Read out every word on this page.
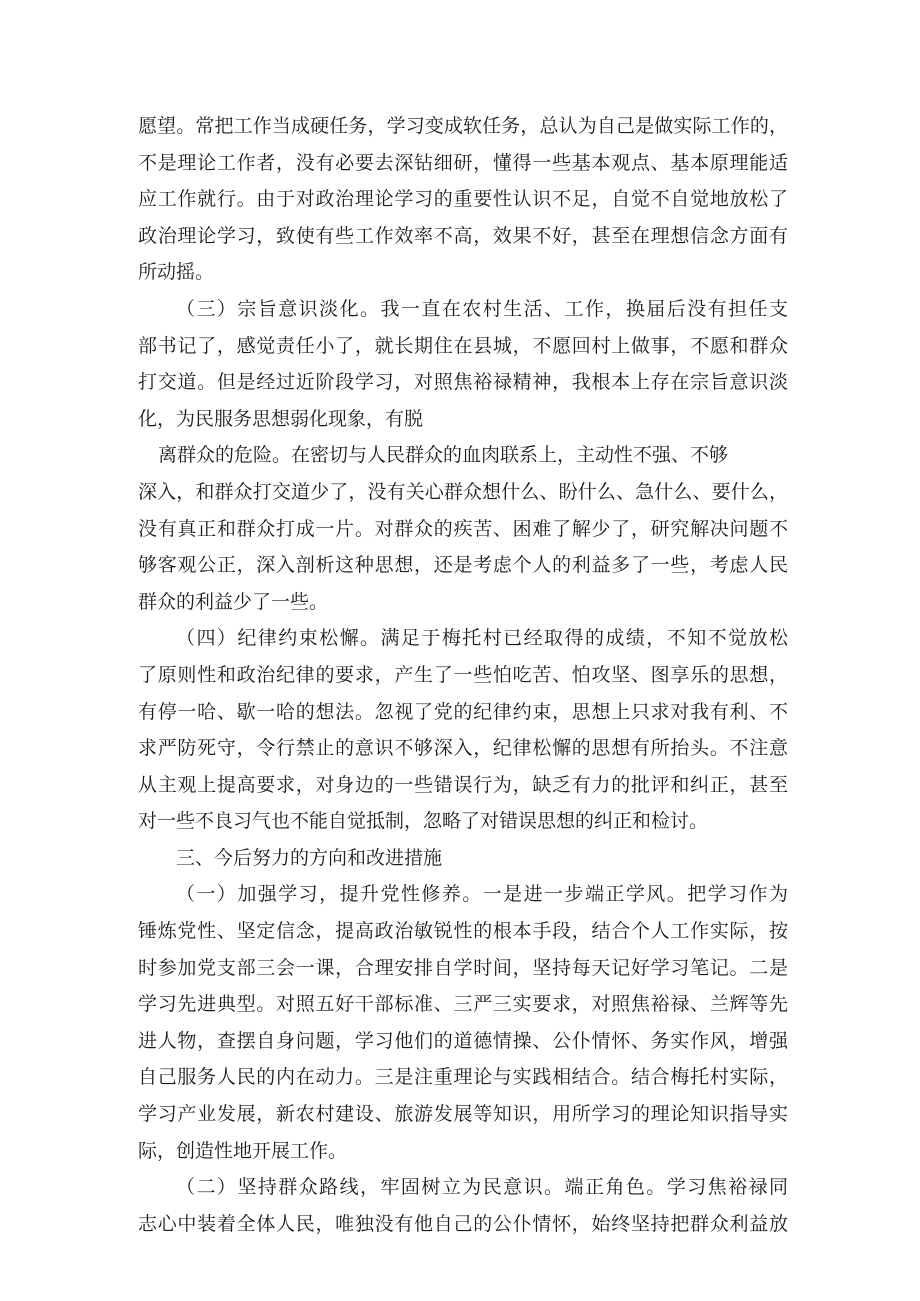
愿望。常把工作当成硬任务，学习变成软任务，总认为自己是做实际工作的，
不是理论工作者，没有必要去深钻细研，懂得一些基本观点、基本原理能适
应工作就行。由于对政治理论学习的重要性认识不足，自觉不自觉地放松了
政治理论学习，致使有些工作效率不高，效果不好，甚至在理想信念方面有
所动摇。
（三）宗旨意识淡化。我一直在农村生活、工作，换届后没有担任支
部书记了，感觉责任小了，就长期住在县城，不愿回村上做事，不愿和群众
打交道。但是经过近阶段学习，对照焦裕禄精神，我根本上存在宗旨意识淡
化，为民服务思想弱化现象，有脱
离群众的危险。在密切与人民群众的血肉联系上，主动性不强、不够
深入，和群众打交道少了，没有关心群众想什么、盼什么、急什么、要什么，
没有真正和群众打成一片。对群众的疾苦、困难了解少了，研究解决问题不
够客观公正，深入剖析这种思想，还是考虑个人的利益多了一些，考虑人民
群众的利益少了一些。
（四）纪律约束松懈。满足于梅托村已经取得的成绩，不知不觉放松
了原则性和政治纪律的要求，产生了一些怕吃苦、怕攻坚、图享乐的思想，
有停一哈、歇一哈的想法。忽视了党的纪律约束，思想上只求对我有利、不
求严防死守，令行禁止的意识不够深入，纪律松懈的思想有所抬头。不注意
从主观上提高要求，对身边的一些错误行为，缺乏有力的批评和纠正，甚至
对一些不良习气也不能自觉抵制，忽略了对错误思想的纠正和检讨。
三、今后努力的方向和改进措施
（一）加强学习，提升党性修养。一是进一步端正学风。把学习作为
锤炼党性、坚定信念，提高政治敏锐性的根本手段，结合个人工作实际，按
时参加党支部三会一课，合理安排自学时间，坚持每天记好学习笔记。二是
学习先进典型。对照五好干部标准、三严三实要求，对照焦裕禄、兰辉等先
进人物，查摆自身问题，学习他们的道德情操、公仆情怀、务实作风，增强
自己服务人民的内在动力。三是注重理论与实践相结合。结合梅托村实际，
学习产业发展，新农村建设、旅游发展等知识，用所学习的理论知识指导实
际，创造性地开展工作。
（二）坚持群众路线，牢固树立为民意识。端正角色。学习焦裕禄同
志心中装着全体人民，唯独没有他自己的公仆情怀，始终坚持把群众利益放
